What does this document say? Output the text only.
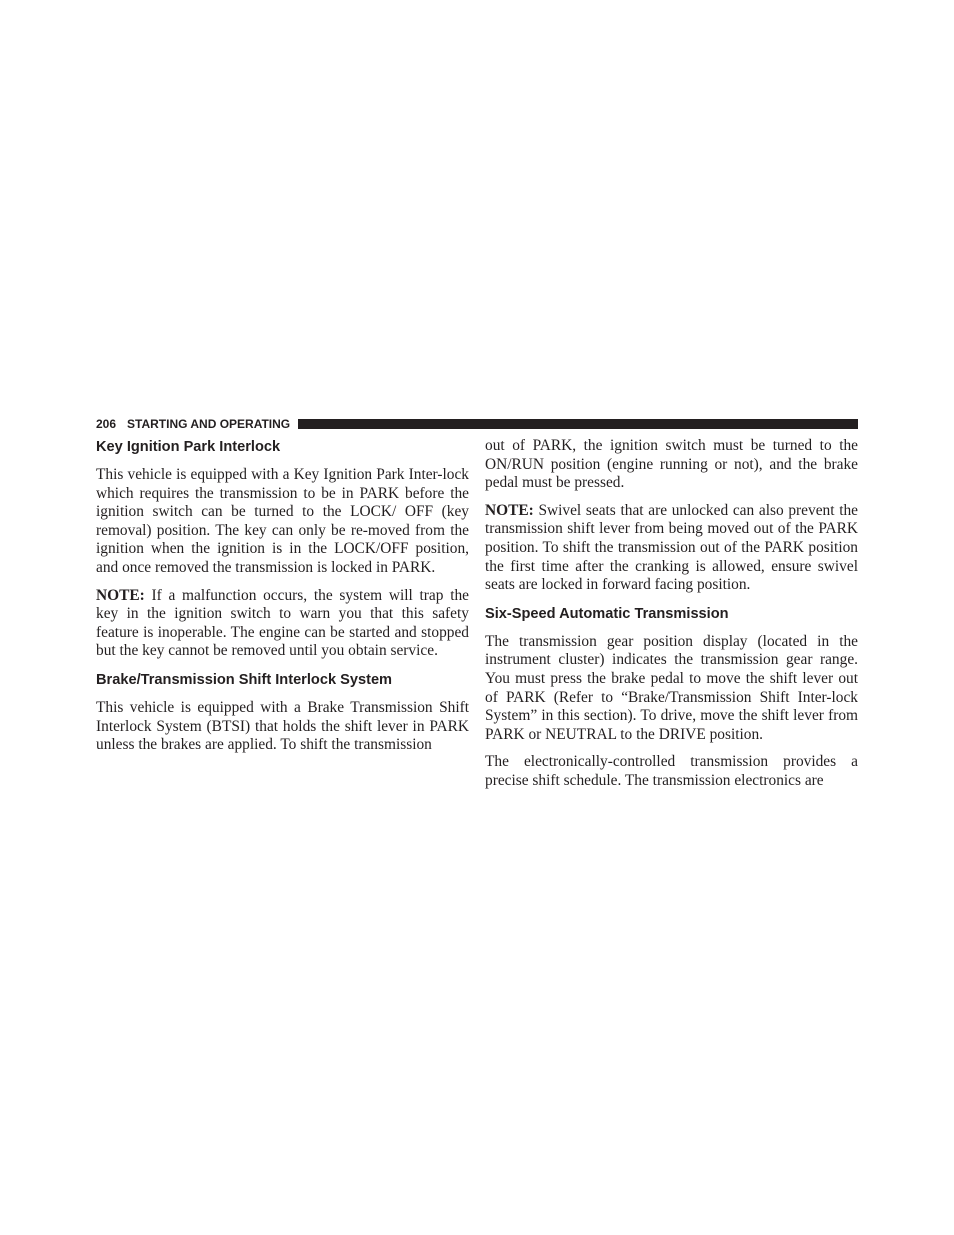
206 STARTING AND OPERATING
Key Ignition Park Interlock

This vehicle is equipped with a Key Ignition Park Inter-lock which requires the transmission to be in PARK before the ignition switch can be turned to the LOCK/ OFF (key removal) position. The key can only be re-moved from the ignition when the ignition is in the LOCK/OFF position, and once removed the transmission is locked in PARK.

NOTE: If a malfunction occurs, the system will trap the key in the ignition switch to warn you that this safety feature is inoperable. The engine can be started and stopped but the key cannot be removed until you obtain service.

Brake/Transmission Shift Interlock System

This vehicle is equipped with a Brake Transmission Shift Interlock System (BTSI) that holds the shift lever in PARK unless the brakes are applied. To shift the transmission

out of PARK, the ignition switch must be turned to the ON/RUN position (engine running or not), and the brake pedal must be pressed.

NOTE: Swivel seats that are unlocked can also prevent the transmission shift lever from being moved out of the PARK position. To shift the transmission out of the PARK position the first time after the cranking is allowed, ensure swivel seats are locked in forward facing position.

Six-Speed Automatic Transmission

The transmission gear position display (located in the instrument cluster) indicates the transmission gear range. You must press the brake pedal to move the shift lever out of PARK (Refer to “Brake/Transmission Shift Inter-lock System” in this section). To drive, move the shift lever from PARK or NEUTRAL to the DRIVE position.

The electronically-controlled transmission provides a precise shift schedule. The transmission electronics are
